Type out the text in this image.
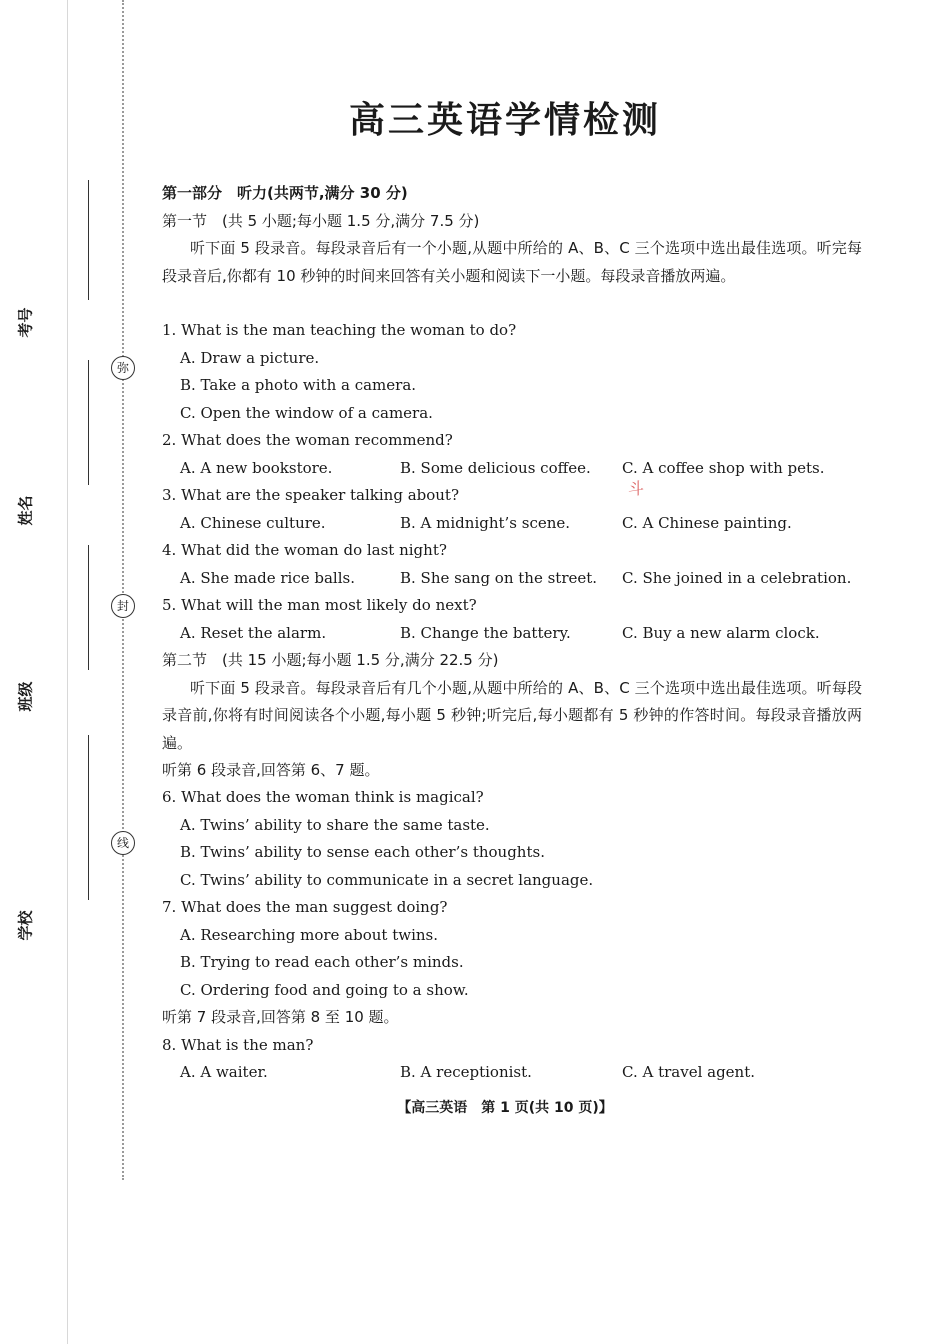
弥
封
线
考号
姓名
班级
学校
高三英语学情检测
第一部分　听力(共两节,满分 30 分)
第一节　(共 5 小题;每小题 1.5 分,满分 7.5 分)
听下面 5 段录音。每段录音后有一个小题,从题中所给的 A、B、C 三个选项中选出最佳选项。听完每段录音后,你都有 10 秒钟的时间来回答有关小题和阅读下一小题。每段录音播放两遍。
1. What is the man teaching the woman to do?
A. Draw a picture.
B. Take a photo with a camera.
C. Open the window of a camera.
2. What does the woman recommend?
A. A new bookstore.	B. Some delicious coffee. C. A coffee shop with pets.
3. What are the speaker talking about?
A. Chinese culture.	B. A midnight’s scene.	C. A Chinese painting.
4. What did the woman do last night?
A. She made rice balls.	B. She sang on the street. C. She joined in a celebration.
5. What will the man most likely do next?
A. Reset the alarm.	B. Change the battery.	C. Buy a new alarm clock.
第二节　(共 15 小题;每小题 1.5 分,满分 22.5 分)
听下面 5 段录音。每段录音后有几个小题,从题中所给的 A、B、C 三个选项中选出最佳选项。听每段录音前,你将有时间阅读各个小题,每小题 5 秒钟;听完后,每小题都有 5 秒钟的作答时间。每段录音播放两遍。
听第 6 段录音,回答第 6、7 题。
6. What does the woman think is magical?
A. Twins’ ability to share the same taste.
B. Twins’ ability to sense each other’s thoughts.
C. Twins’ ability to communicate in a secret language.
7. What does the man suggest doing?
A. Researching more about twins.
B. Trying to read each other’s minds.
C. Ordering food and going to a show.
听第 7 段录音,回答第 8 至 10 题。
8. What is the man?
A. A waiter.	B. A receptionist.	C. A travel agent.
斗
【高三英语　第 1 页(共 10 页)】
